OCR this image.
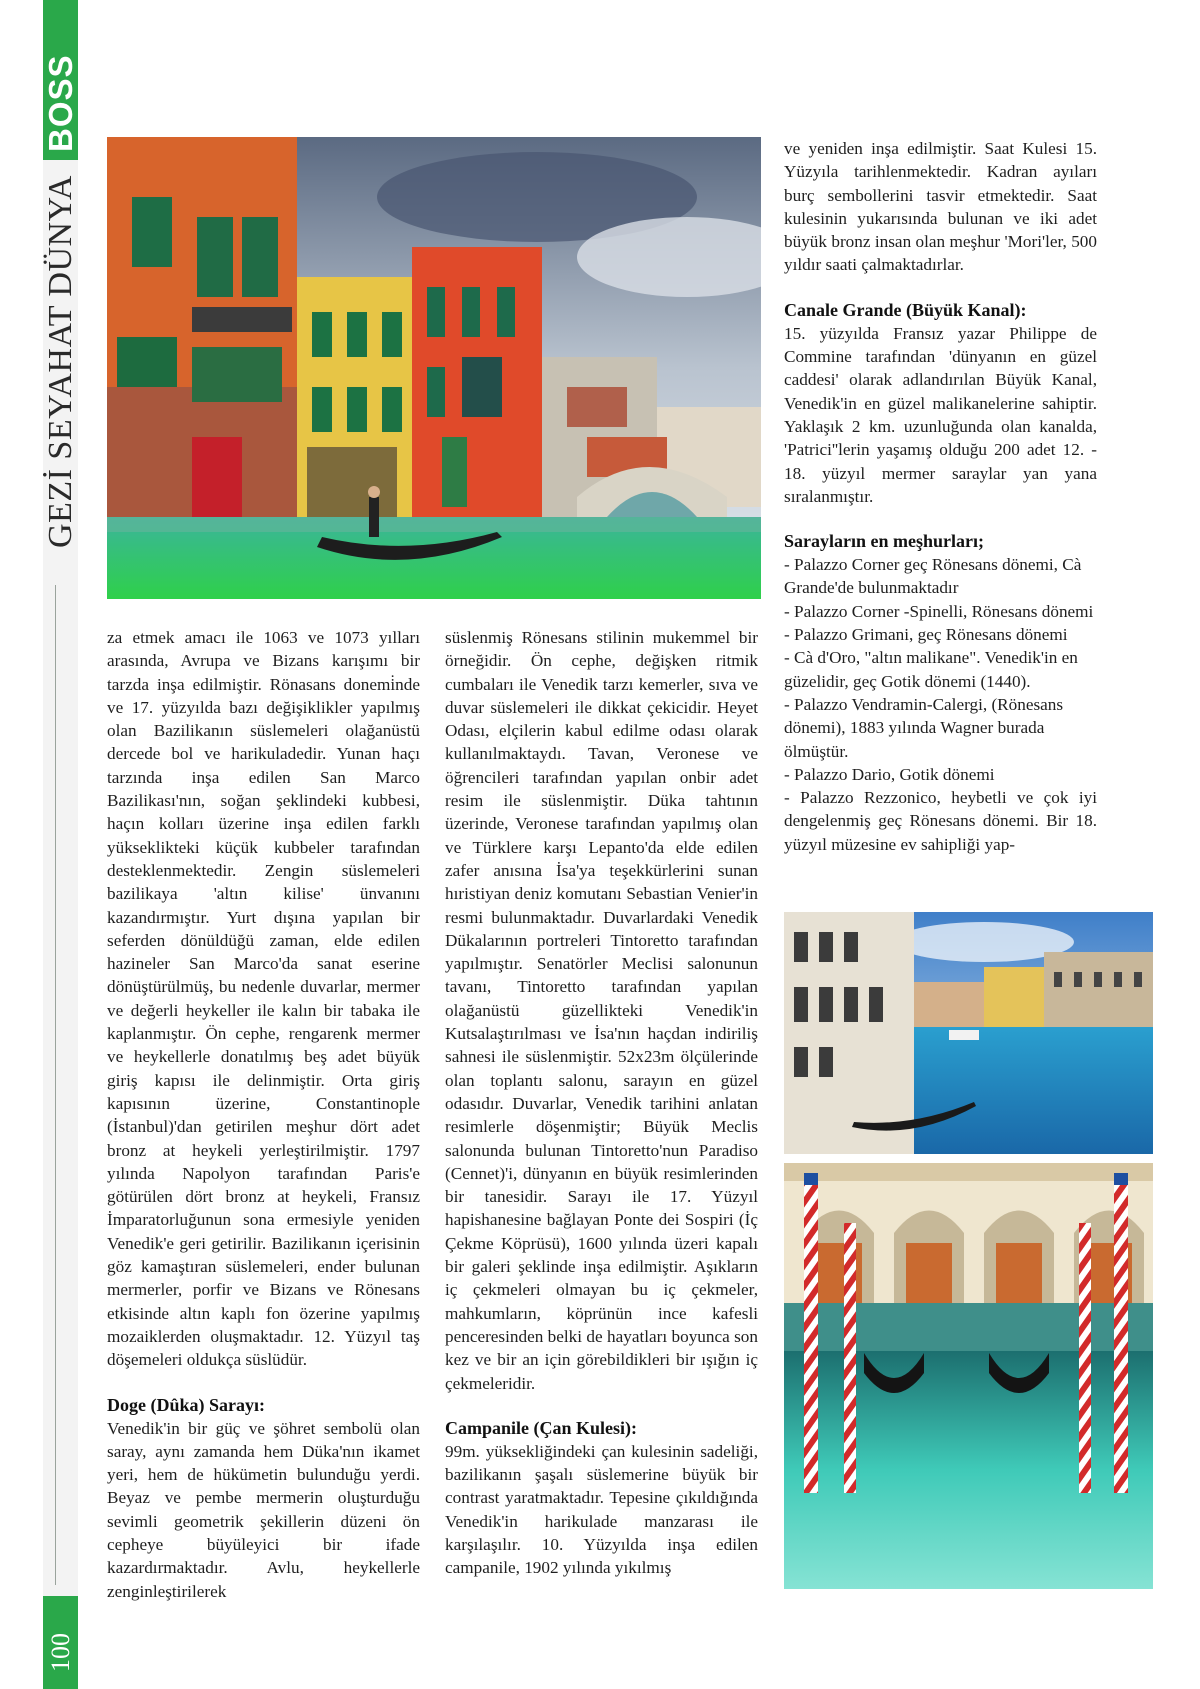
BOSS
GEZİ SEYAHAT DÜNYA
100

za etmek amacı ile 1063 ve 1073 yılları arasında, Avrupa ve Bizans karışımı bir tarzda inşa edilmiştir. Rönasans donemi̇nde ve 17. yüzyılda bazı değişiklikler yapılmış olan Bazilikanın süslemeleri olağanüstü dercede bol ve harikuladedir. Yunan haçı tarzında inşa edilen San Marco Bazilikası'nın, soğan şeklindeki kubbesi, haçın kolları üzerine inşa edilen farklı yükseklikteki küçük kubbeler tarafından desteklenmektedir. Zengin süslemeleri bazilikaya 'altın kilise' ünvanını kazandırmıştır. Yurt dışına yapılan bir seferden dönüldüğü zaman, elde edilen hazineler San Marco'da sanat eserine dönüştürülmüş, bu nedenle duvarlar, mermer ve değerli heykeller ile kalın bir tabaka ile kaplanmıştır. Ön cephe, rengarenk mermer ve heykellerle donatılmış beş adet büyük giriş kapısı ile delinmiştir. Orta giriş kapısının üzerine, Constantinople (İstanbul)'dan getirilen meşhur dört adet bronz at heykeli yerleştirilmiştir. 1797 yılında Napolyon tarafından Paris'e götürülen dört bronz at heykeli, Fransız İmparatorluğunun sona ermesiyle yeniden Venedik'e geri getirilir. Bazilikanın içerisinin göz kamaştıran süslemeleri, ender bulunan mermerler, porfir ve Bizans ve Rönesans etkisinde altın kaplı fon özerine yapılmış mozaiklerden oluşmaktadır. 12. Yüzyıl taş döşemeleri oldukça süslüdür.

Doge (Dûka) Sarayı:

Venedik'in bir güç ve şöhret sembolü olan saray, aynı zamanda hem Düka'nın ikamet yeri, hem de hükümetin bulunduğu yerdi. Beyaz ve pembe mermerin oluşturduğu sevimli geometrik şekillerin düzeni ön cepheye büyüleyici bir ifade kazardırmaktadır. Avlu, heykellerle zenginleştirilerek

süslenmiş Rönesans stilinin mukemmel bir örneğidir. Ön cephe, değişken ritmik cumbaları ile Venedik tarzı kemerler, sıva ve duvar süslemeleri ile dikkat çekicidir. Heyet Odası, elçilerin kabul edilme odası olarak kullanılmaktaydı. Tavan, Veronese ve öğrencileri tarafından yapılan onbir adet resim ile süslenmiştir. Düka tahtının üzerinde, Veronese tarafından yapılmış olan ve Türklere karşı Lepanto'da elde edilen zafer anısına İsa'ya teşekkürlerini sunan hıristiyan deniz komutanı Sebastian Venier'in resmi bulunmaktadır. Duvarlardaki Venedik Dükalarının portreleri Tintoretto tarafından yapılmıştır. Senatörler Meclisi salonunun tavanı, Tintoretto tarafından yapılan olağanüstü güzellikteki Venedik'in Kutsalaştırılması ve İsa'nın haçdan indiriliş sahnesi ile süslenmiştir. 52x23m ölçülerinde olan toplantı salonu, sarayın en güzel odasıdır. Duvarlar, Venedik tarihini anlatan resimlerle döşenmiştir; Büyük Meclis salonunda bulunan Tintoretto'nun Paradiso (Cennet)'i, dünyanın en büyük resimlerinden bir tanesidir. Sarayı ile 17. Yüzyıl hapishanesine bağlayan Ponte dei Sospiri (İç Çekme Köprüsü), 1600 yılında üzeri kapalı bir galeri şeklinde inşa edilmiştir. Aşıkların iç çekmeleri olmayan bu iç çekmeler, mahkumların, köprünün ince kafesli penceresinden belki de hayatları boyunca son kez ve bir an için görebildikleri bir ışığın iç çekmeleridir.

Campanile (Çan Kulesi):

99m. yüksekliğindeki çan kulesinin sadeliği, bazilikanın şaşalı süslemerine büyük bir contrast yaratmaktadır. Tepesine çıkıldığında Venedik'in harikulade manzarası ile karşılaşılır. 10. Yüzyılda inşa edilen campanile, 1902 yılında yıkılmış

ve yeniden inşa edilmiştir. Saat Kulesi 15. Yüzyıla tarihlenmektedir. Kadran ayıları burç sembollerini tasvir etmektedir. Saat kulesinin yukarısında bulunan ve iki adet büyük bronz insan olan meşhur 'Mori'ler, 500 yıldır saati çalmaktadırlar.

Canale Grande (Büyük Kanal):

15. yüzyılda Fransız yazar Philippe de Commine tarafından 'dünyanın en güzel caddesi' olarak adlandırılan Büyük Kanal, Venedik'in en güzel malikanelerine sahiptir. Yaklaşık 2 km. uzunluğunda olan kanalda, 'Patrici''lerin yaşamış olduğu 200 adet 12. - 18. yüzyıl mermer saraylar yan yana sıralanmıştır.

Sarayların en meşhurları;

- Palazzo Corner geç Rönesans dönemi, Cà Grande'de bulunmaktadır

- Palazzo Corner -Spinelli, Rönesans dönemi

- Palazzo Grimani, geç Rönesans dönemi

- Cà d'Oro, "altın malikane". Venedik'in en güzelidir, geç Gotik dönemi (1440).

- Palazzo Vendramin-Calergi, (Rönesans dönemi), 1883 yılında Wagner burada ölmüştür.

- Palazzo Dario, Gotik dönemi

- Palazzo Rezzonico, heybetli ve çok iyi dengelenmiş geç Rönesans dönemi. Bir 18. yüzyıl müzesine ev sahipliği yap-
